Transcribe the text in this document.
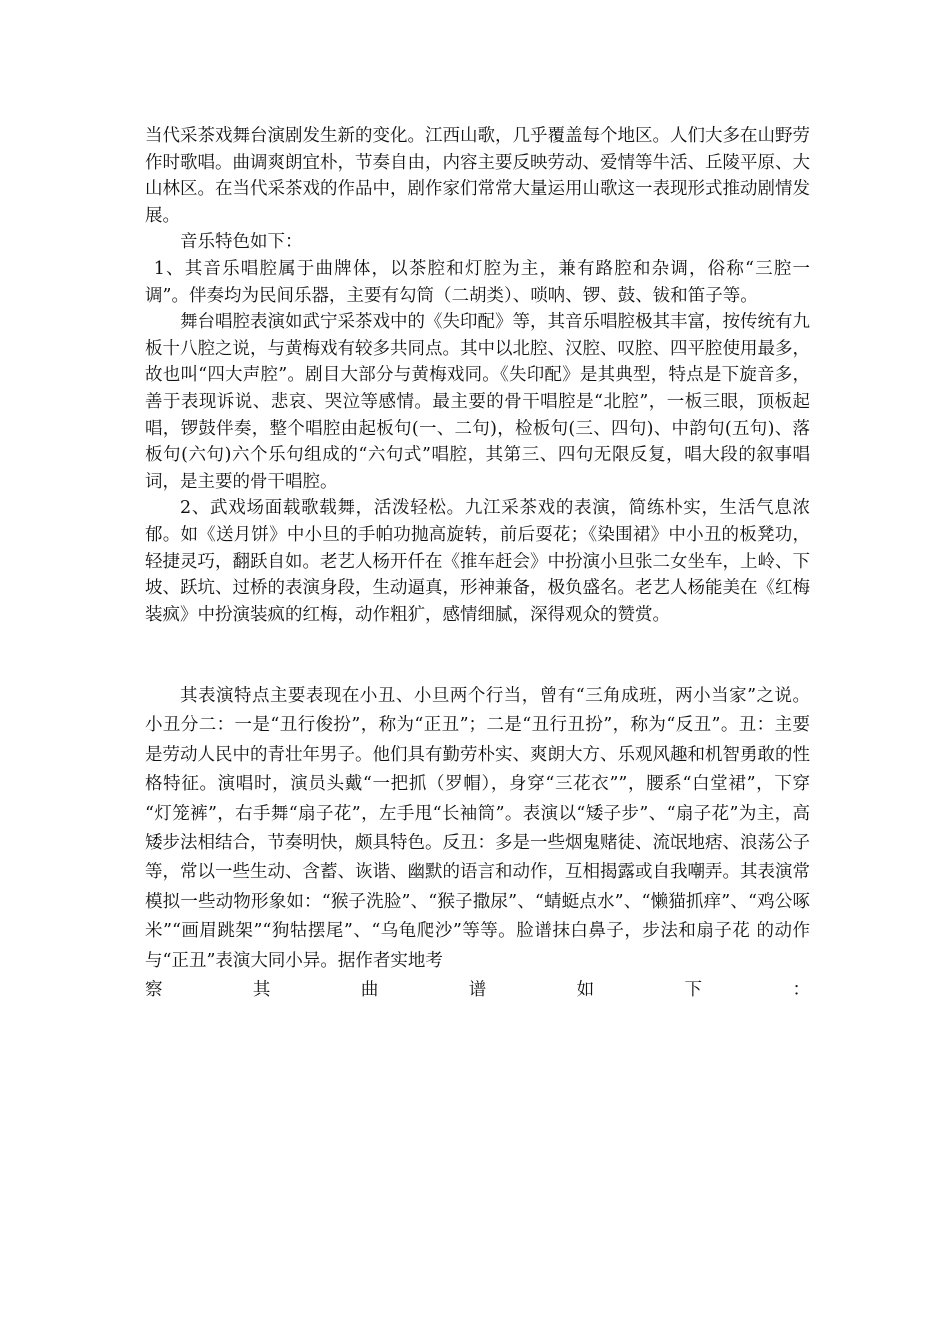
当代采茶戏舞台演剧发生新的变化。江西山歌，几乎覆盖每个地区。人们大多在山野劳作时歌唱。曲调爽朗宜朴，节奏自由，内容主要反映劳动、爱情等牛活、丘陵平原、大山林区。在当代采茶戏的作品中，剧作家们常常大量运用山歌这一表现形式推动剧情发展。

音乐特色如下：

1、其音乐唱腔属于曲牌体，以茶腔和灯腔为主，兼有路腔和杂调，俗称“三腔一调”。伴奏均为民间乐器，主要有勾筒（二胡类）、唢呐、锣、鼓、钹和笛子等。

舞台唱腔表演如武宁采茶戏中的《失印配》等，其音乐唱腔极其丰富，按传统有九板十八腔之说，与黄梅戏有较多共同点。其中以北腔、汉腔、叹腔、四平腔使用最多，故也叫“四大声腔”。剧目大部分与黄梅戏同。《失印配》是其典型，特点是下旋音多，善于表现诉说、悲哀、哭泣等感情。最主要的骨干唱腔是“北腔”，一板三眼，顶板起唱，锣鼓伴奏，整个唱腔由起板句(一、二句)，检板句(三、四句)、中韵句(五句)、落板句(六句)六个乐句组成的“六句式”唱腔，其第三、四句无限反复，唱大段的叙事唱词，是主要的骨干唱腔。

2、武戏场面载歌载舞，活泼轻松。九江采茶戏的表演，简练朴实，生活气息浓郁。如《送月饼》中小旦的手帕功抛高旋转，前后耍花；《染围裙》中小丑的板凳功，轻捷灵巧，翻跃自如。老艺人杨开仟在《推车赶会》中扮演小旦张二女坐车，上岭、下坡、跃坑、过桥的表演身段，生动逼真，形神兼备，极负盛名。老艺人杨能美在《红梅装疯》中扮演装疯的红梅，动作粗犷，感情细腻，深得观众的赞赏。

其表演特点主要表现在小丑、小旦两个行当，曾有“三角成班，两小当家”之说。小丑分二：一是“丑行俊扮”，称为“正丑”；二是“丑行丑扮”，称为“反丑”。丑：主要是劳动人民中的青壮年男子。他们具有勤劳朴实、爽朗大方、乐观风趣和机智勇敢的性格特征。演唱时，演员头戴“一把抓（罗帽），身穿“三花衣””，腰系“白堂裙”，下穿 “灯笼裤”，右手舞“扇子花”，左手甩“长袖筒”。表演以“矮子步”、“扇子花”为主，高矮步法相结合，节奏明快，颇具特色。反丑：多是一些烟鬼赌徒、流氓地痞、浪荡公子等，常以一些生动、含蓄、诙谐、幽默的语言和动作，互相揭露或自我嘲弄。其表演常模拟一些动物形象如：“猴子洗脸”、“猴子撒尿”、“蜻蜓点水”、“懒猫抓痒”、“鸡公啄米”“画眉跳架”“狗牯摆尾”、“乌龟爬沙”等等。脸谱抹白鼻子，步法和扇子花 的动作与“正丑”表演大同小异。据作者实地考

察	其	曲	谱	如	下	：
